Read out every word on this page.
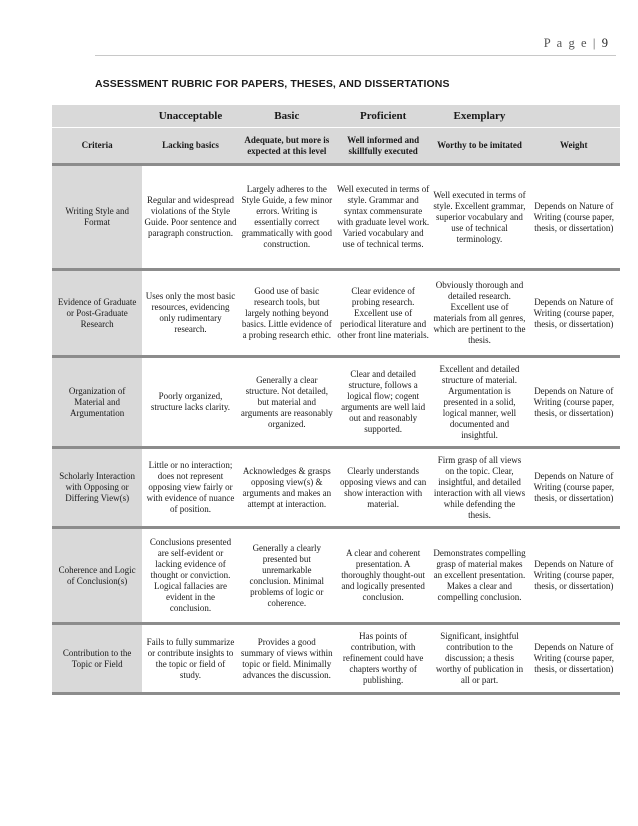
P a g e | 9
ASSESSMENT RUBRIC FOR PAPERS, THESES, AND DISSERTATIONS
	Unacceptable	Basic	Proficient	Exemplary	
Criteria	Lacking basics	Adequate, but more is expected at this level	Well informed and skillfully executed	Worthy to be imitated	Weight
Writing Style and Format	Regular and widespread violations of the Style Guide. Poor sentence and paragraph construction.	Largely adheres to the Style Guide, a few minor errors. Writing is essentially correct grammatically with good construction.	Well executed in terms of style. Grammar and syntax commensurate with graduate level work. Varied vocabulary and use of technical terms.	Well executed in terms of style. Excellent grammar, superior vocabulary and use of technical terminology.	Depends on Nature of Writing (course paper, thesis, or dissertation)
Evidence of Graduate or Post-Graduate Research	Uses only the most basic resources, evidencing only rudimentary research.	Good use of basic research tools, but largely nothing beyond basics. Little evidence of a probing research ethic.	Clear evidence of probing research. Excellent use of periodical literature and other front line materials.	Obviously thorough and detailed research. Excellent use of materials from all genres, which are pertinent to the thesis.	Depends on Nature of Writing (course paper, thesis, or dissertation)
Organization of Material and Argumentation	Poorly organized, structure lacks clarity.	Generally a clear structure. Not detailed, but material and arguments are reasonably organized.	Clear and detailed structure, follows a logical flow; cogent arguments are well laid out and reasonably supported.	Excellent and detailed structure of material. Argumentation is presented in a solid, logical manner, well documented and insightful.	Depends on Nature of Writing (course paper, thesis, or dissertation)
Scholarly Interaction with Opposing or Differing View(s)	Little or no interaction; does not represent opposing view fairly or with evidence of nuance of position.	Acknowledges & grasps opposing view(s) & arguments and makes an attempt at interaction.	Clearly understands opposing views and can show interaction with material.	Firm grasp of all views on the topic. Clear, insightful, and detailed interaction with all views while defending the thesis.	Depends on Nature of Writing (course paper, thesis, or dissertation)
Coherence and Logic of Conclusion(s)	Conclusions presented are self-evident or lacking evidence of thought or conviction. Logical fallacies are evident in the conclusion.	Generally a clearly presented but unremarkable conclusion. Minimal problems of logic or coherence.	A clear and coherent presentation. A thoroughly thought-out and logically presented conclusion.	Demonstrates compelling grasp of material makes an excellent presentation. Makes a clear and compelling conclusion.	Depends on Nature of Writing (course paper, thesis, or dissertation)
Contribution to the Topic or Field	Fails to fully summarize or contribute insights to the topic or field of study.	Provides a good summary of views within topic or field. Minimally advances the discussion.	Has points of contribution, with refinement could have chapters worthy of publishing.	Significant, insightful contribution to the discussion; a thesis worthy of publication in all or part.	Depends on Nature of Writing (course paper, thesis, or dissertation)
